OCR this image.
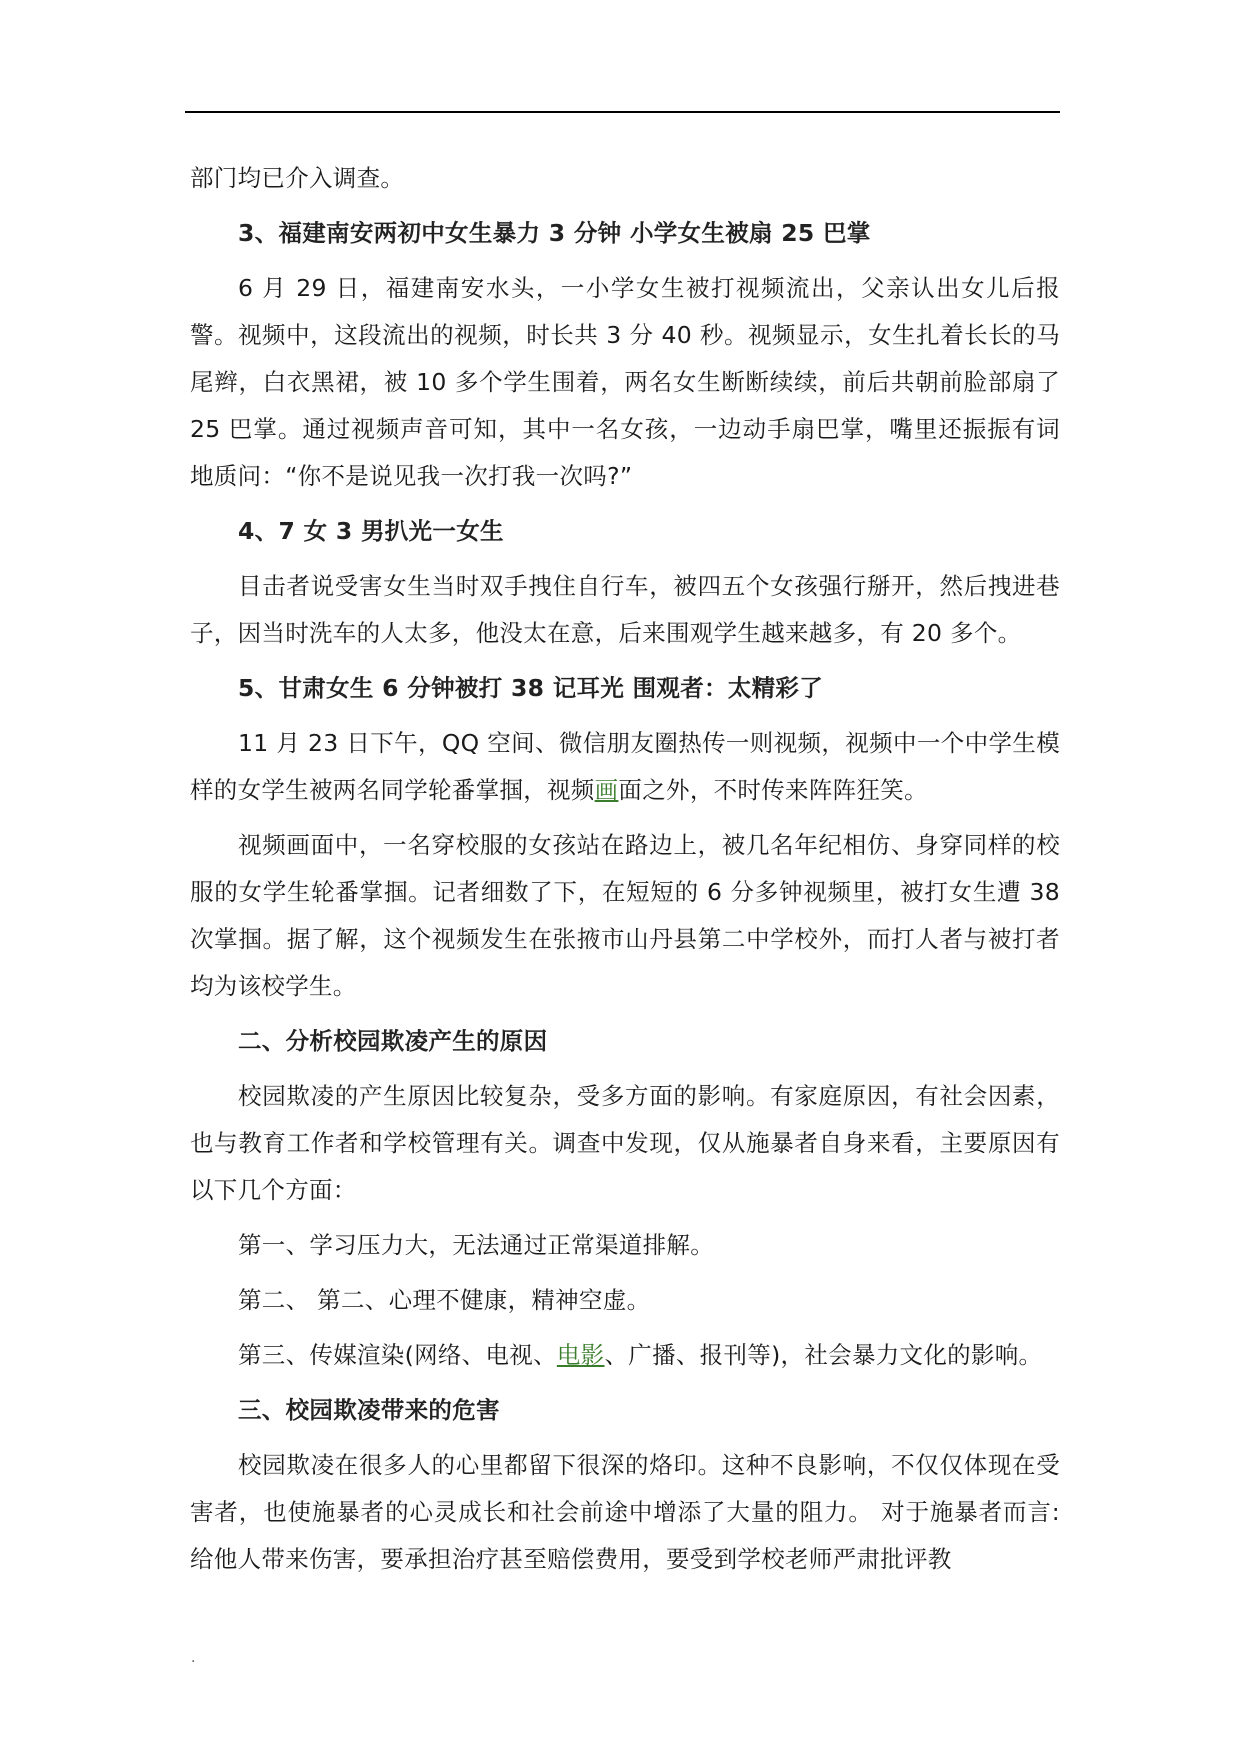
部门均已介入调查。

3、福建南安两初中女生暴力 3 分钟 小学女生被扇 25 巴掌

6 月 29 日，福建南安水头，一小学女生被打视频流出，父亲认出女儿后报警。视频中，这段流出的视频，时长共 3 分 40 秒。视频显示，女生扎着长长的马尾辫，白衣黑裙，被 10 多个学生围着，两名女生断断续续，前后共朝前脸部扇了 25 巴掌。通过视频声音可知，其中一名女孩，一边动手扇巴掌，嘴里还振振有词地质问：“你不是说见我一次打我一次吗?”

4、7 女 3 男扒光一女生

目击者说受害女生当时双手拽住自行车，被四五个女孩强行掰开，然后拽进巷子，因当时洗车的人太多，他没太在意，后来围观学生越来越多，有 20 多个。

5、甘肃女生 6 分钟被打 38 记耳光 围观者：太精彩了

11 月 23 日下午，QQ 空间、微信朋友圈热传一则视频，视频中一个中学生模样的女学生被两名同学轮番掌掴，视频画面之外，不时传来阵阵狂笑。

视频画面中，一名穿校服的女孩站在路边上，被几名年纪相仿、身穿同样的校服的女学生轮番掌掴。记者细数了下，在短短的 6 分多钟视频里，被打女生遭 38 次掌掴。据了解，这个视频发生在张掖市山丹县第二中学校外，而打人者与被打者均为该校学生。

二、分析校园欺凌产生的原因

校园欺凌的产生原因比较复杂，受多方面的影响。有家庭原因，有社会因素，也与教育工作者和学校管理有关。调查中发现，仅从施暴者自身来看，主要原因有以下几个方面：

第一、学习压力大，无法通过正常渠道排解。

第二、 第二、心理不健康，精神空虚。

第三、传媒渲染(网络、电视、电影、广播、报刊等)，社会暴力文化的影响。

三、校园欺凌带来的危害

校园欺凌在很多人的心里都留下很深的烙印。这种不良影响，不仅仅体现在受害者，也使施暴者的心灵成长和社会前途中增添了大量的阻力。 对于施暴者而言: 给他人带来伤害，要承担治疗甚至赔偿费用，要受到学校老师严肃批评教

.
